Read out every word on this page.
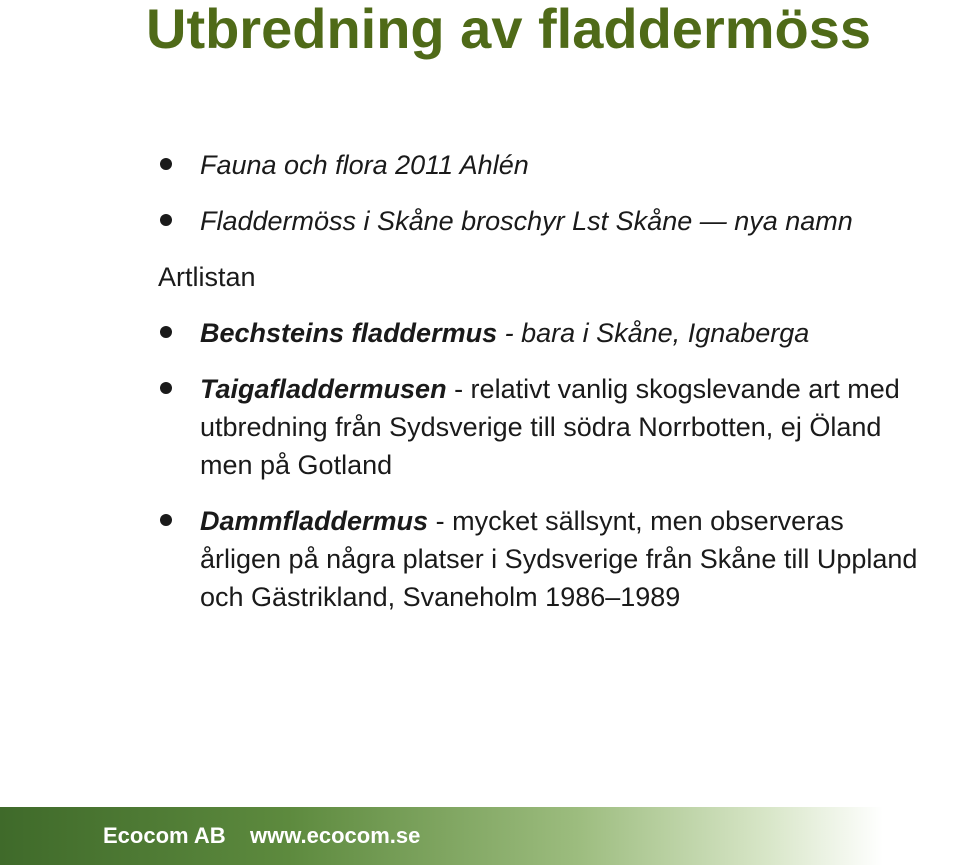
Utbredning av fladdermöss
Fauna och flora 2011 Ahlén
Fladdermöss i Skåne broschyr Lst Skåne — nya namn
Artlistan
Bechsteins fladdermus - bara i Skåne, Ignaberga
Taigafladdermusen - relativt vanlig skogslevande art med utbredning från Sydsverige till södra Norrbotten, ej Öland men på Gotland
Dammfladdermus - mycket sällsynt, men observeras årligen på några platser i Sydsverige från Skåne till Uppland och Gästrikland, Svaneholm 1986–1989
Ecocom AB www.ecocom.se
